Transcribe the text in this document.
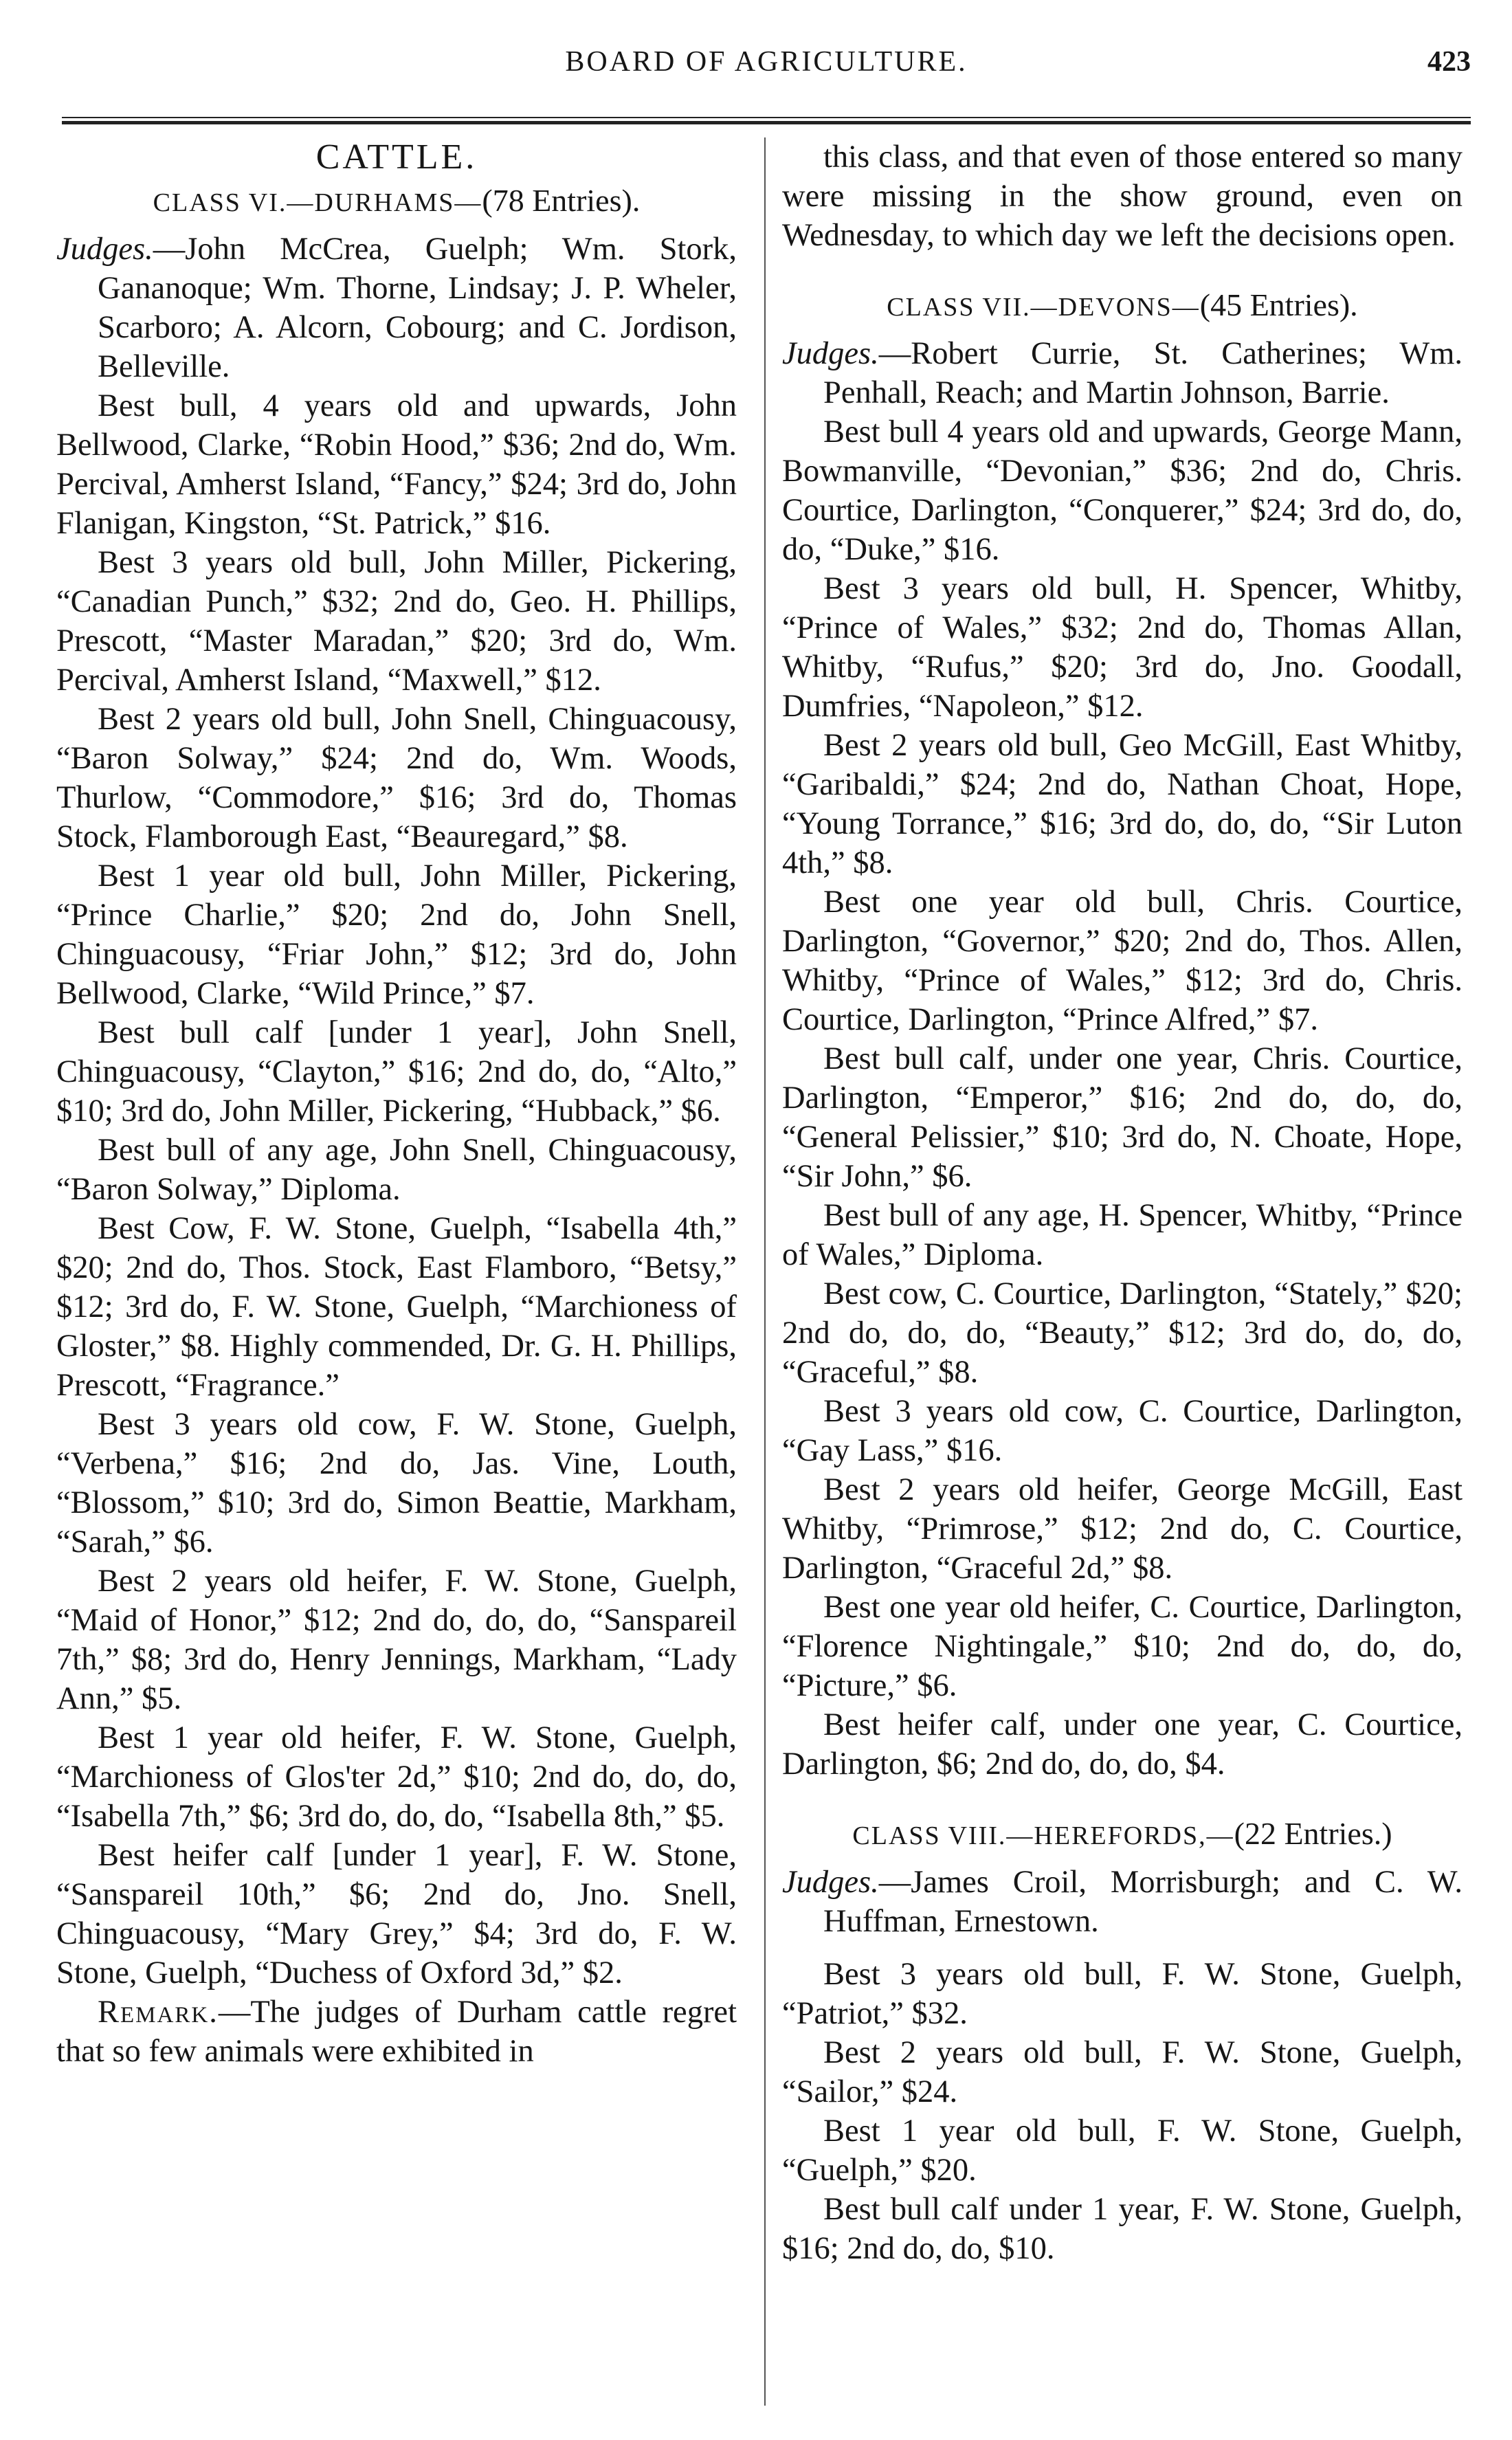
BOARD OF AGRICULTURE.	423
CATTLE.
CLASS VI.—DURHAMS—(78 Entries).

Judges.—John McCrea, Guelph; Wm. Stork, Gananoque; Wm. Thorne, Lindsay; J. P. Wheler, Scarboro; A. Alcorn, Cobourg; and C. Jordison, Belleville.

Best bull, 4 years old and upwards, John Bellwood, Clarke, “Robin Hood,” $36; 2nd do, Wm. Percival, Amherst Island, “Fancy,” $24; 3rd do, John Flanigan, Kingston, “St. Patrick,” $16.

Best 3 years old bull, John Miller, Pickering, “Canadian Punch,” $32; 2nd do, Geo. H. Phillips, Prescott, “Master Maradan,” $20; 3rd do, Wm. Percival, Amherst Island, “Maxwell,” $12.

Best 2 years old bull, John Snell, Chinguacousy, “Baron Solway,” $24; 2nd do, Wm. Woods, Thurlow, “Commodore,” $16; 3rd do, Thomas Stock, Flamborough East, “Beauregard,” $8.

Best 1 year old bull, John Miller, Pickering, “Prince Charlie,” $20; 2nd do, John Snell, Chinguacousy, “Friar John,” $12; 3rd do, John Bellwood, Clarke, “Wild Prince,” $7.

Best bull calf [under 1 year], John Snell, Chinguacousy, “Clayton,” $16; 2nd do, do, “Alto,” $10; 3rd do, John Miller, Pickering, “Hubback,” $6.

Best bull of any age, John Snell, Chinguacousy, “Baron Solway,” Diploma.

Best Cow, F. W. Stone, Guelph, “Isabella 4th,” $20; 2nd do, Thos. Stock, East Flamboro, “Betsy,” $12; 3rd do, F. W. Stone, Guelph, “Marchioness of Gloster,” $8. Highly commended, Dr. G. H. Phillips, Prescott, “Fragrance.”

Best 3 years old cow, F. W. Stone, Guelph, “Verbena,” $16; 2nd do, Jas. Vine, Louth, “Blossom,” $10; 3rd do, Simon Beattie, Markham, “Sarah,” $6.

Best 2 years old heifer, F. W. Stone, Guelph, “Maid of Honor,” $12; 2nd do, do, do, “Sanspareil 7th,” $8; 3rd do, Henry Jennings, Markham, “Lady Ann,” $5.

Best 1 year old heifer, F. W. Stone, Guelph, “Marchioness of Glos'ter 2d,” $10; 2nd do, do, do, “Isabella 7th,” $6; 3rd do, do, do, “Isabella 8th,” $5.

Best heifer calf [under 1 year], F. W. Stone, “Sanspareil 10th,” $6; 2nd do, Jno. Snell, Chinguacousy, “Mary Grey,” $4; 3rd do, F. W. Stone, Guelph, “Duchess of Oxford 3d,” $2.

Remark.—The judges of Durham cattle regret that so few animals were exhibited in

this class, and that even of those entered so many were missing in the show ground, even on Wednesday, to which day we left the decisions open.

CLASS VII.—DEVONS—(45 Entries).

Judges.—Robert Currie, St. Catherines; Wm. Penhall, Reach; and Martin Johnson, Barrie.

Best bull 4 years old and upwards, George Mann, Bowmanville, “Devonian,” $36; 2nd do, Chris. Courtice, Darlington, “Conquerer,” $24; 3rd do, do, do, “Duke,” $16.

Best 3 years old bull, H. Spencer, Whitby, “Prince of Wales,” $32; 2nd do, Thomas Allan, Whitby, “Rufus,” $20; 3rd do, Jno. Goodall, Dumfries, “Napoleon,” $12.

Best 2 years old bull, Geo McGill, East Whitby, “Garibaldi,” $24; 2nd do, Nathan Choat, Hope, “Young Torrance,” $16; 3rd do, do, do, “Sir Luton 4th,” $8.

Best one year old bull, Chris. Courtice, Darlington, “Governor,” $20; 2nd do, Thos. Allen, Whitby, “Prince of Wales,” $12; 3rd do, Chris. Courtice, Darlington, “Prince Alfred,” $7.

Best bull calf, under one year, Chris. Courtice, Darlington, “Emperor,” $16; 2nd do, do, do, “General Pelissier,” $10; 3rd do, N. Choate, Hope, “Sir John,” $6.

Best bull of any age, H. Spencer, Whitby, “Prince of Wales,” Diploma.

Best cow, C. Courtice, Darlington, “Stately,” $20; 2nd do, do, do, “Beauty,” $12; 3rd do, do, do, “Graceful,” $8.

Best 3 years old cow, C. Courtice, Darlington, “Gay Lass,” $16.

Best 2 years old heifer, George McGill, East Whitby, “Primrose,” $12; 2nd do, C. Courtice, Darlington, “Graceful 2d,” $8.

Best one year old heifer, C. Courtice, Darlington, “Florence Nightingale,” $10; 2nd do, do, do, “Picture,” $6.

Best heifer calf, under one year, C. Courtice, Darlington, $6; 2nd do, do, do, $4.

CLASS VIII.—HEREFORDS,—(22 Entries.)

Judges.—James Croil, Morrisburgh; and C. W. Huffman, Ernestown.

Best 3 years old bull, F. W. Stone, Guelph, “Patriot,” $32.

Best 2 years old bull, F. W. Stone, Guelph, “Sailor,” $24.

Best 1 year old bull, F. W. Stone, Guelph, “Guelph,” $20.

Best bull calf under 1 year, F. W. Stone, Guelph, $16; 2nd do, do, $10.
